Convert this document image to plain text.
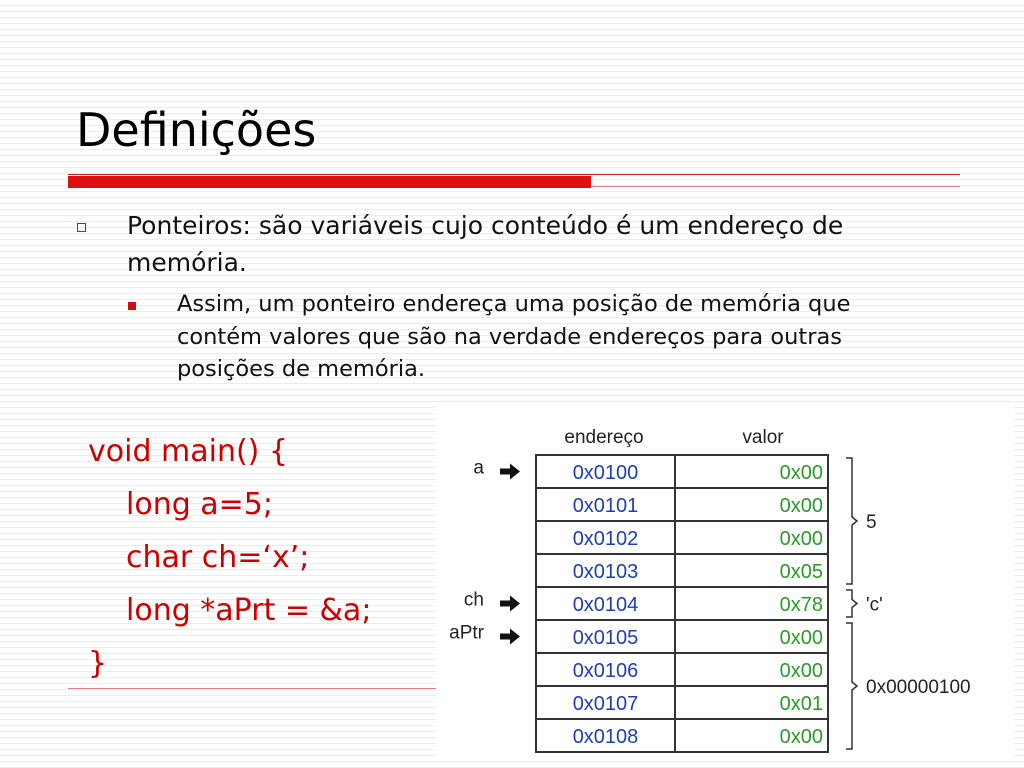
Definições
Ponteiros: são variáveis cujo conteúdo é um endereço de memória.
Assim, um ponteiro endereça uma posição de memória que contém valores que são na verdade endereços para outras posições de memória.
void main() {
long a=5;
char ch=‘x’;
long *aPrt = &a;
}
endereço	valor
0x0100	0x00
0x0101	0x00
0x0102	0x00
0x0103	0x05
0x0104	0x78
0x0105	0x00
0x0106	0x00
0x0107	0x01
0x0108	0x00
a
ch
aPtr
5
'c'
0x00000100
